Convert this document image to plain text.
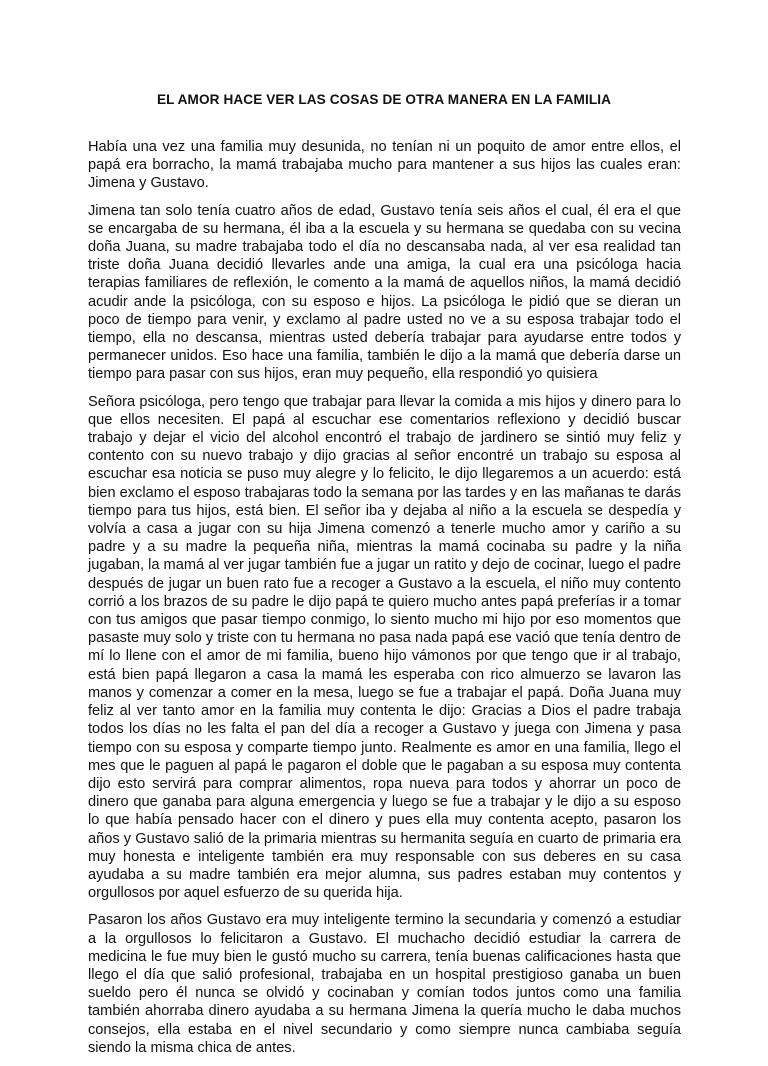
EL AMOR HACE VER LAS COSAS DE OTRA MANERA EN LA FAMILIA

Había una vez una familia muy desunida, no tenían ni un poquito de amor entre ellos, el papá era borracho, la mamá trabajaba mucho para mantener a sus hijos las cuales eran: Jimena y Gustavo.

Jimena tan solo tenía cuatro años de edad, Gustavo tenía seis años el cual, él era el que se encargaba de su hermana, él iba a la escuela y su hermana se quedaba con su vecina doña Juana, su madre trabajaba todo el día no descansaba nada, al ver esa realidad tan triste doña Juana decidió llevarles ande una amiga, la cual era una psicóloga hacia terapias familiares de reflexión, le comento a la mamá de aquellos niños, la mamá decidió acudir ande la psicóloga, con su esposo e hijos. La psicóloga le pidió que se dieran un poco de tiempo para venir, y exclamo al padre usted no ve a su esposa trabajar todo el tiempo, ella no descansa, mientras usted debería trabajar para ayudarse entre todos y permanecer unidos. Eso hace una familia, también le dijo a la mamá que debería darse un tiempo para pasar con sus hijos, eran muy pequeño, ella respondió yo quisiera

Señora psicóloga, pero tengo que trabajar para llevar la comida a mis hijos y dinero para lo que ellos necesiten. El papá al escuchar ese comentarios reflexiono y decidió buscar trabajo y dejar el vicio del alcohol encontró el trabajo de jardinero se sintió muy feliz y contento con su nuevo trabajo y dijo gracias al señor encontré un trabajo su esposa al escuchar esa noticia se puso muy alegre y lo felicito, le dijo llegaremos a un acuerdo: está bien exclamo el esposo trabajaras todo la semana por las tardes y en las mañanas te darás tiempo para tus hijos, está bien. El señor iba y dejaba al niño a la escuela se despedía y volvía a casa a jugar con su hija Jimena comenzó a tenerle mucho amor y cariño a su padre y a su madre la pequeña niña, mientras la mamá cocinaba su padre y la niña jugaban, la mamá al ver jugar también fue a jugar un ratito y dejo de cocinar, luego el padre después de jugar un buen rato fue a recoger a Gustavo a la escuela, el niño muy contento corrió a los brazos de su padre le dijo papá te quiero mucho antes papá preferías ir a tomar con tus amigos que pasar tiempo conmigo, lo siento mucho mi hijo por eso momentos que pasaste muy solo y triste con tu hermana no pasa nada papá ese vació que tenía dentro de mí lo llene con el amor de mi familia, bueno hijo vámonos por que tengo que ir al trabajo, está bien papá llegaron a casa la mamá les esperaba con rico almuerzo se lavaron las manos y comenzar a comer en la mesa, luego se fue a trabajar el papá. Doña Juana muy feliz al ver tanto amor en la familia muy contenta le dijo: Gracias a Dios el padre trabaja todos los días no les falta el pan del día a recoger a Gustavo y juega con Jimena y pasa tiempo con su esposa y comparte tiempo junto. Realmente es amor en una familia, llego el mes que le paguen al papá le pagaron el doble que le pagaban a su esposa muy contenta dijo esto servirá para comprar alimentos, ropa nueva para todos y ahorrar un poco de dinero que ganaba para alguna emergencia y luego se fue a trabajar y le dijo a su esposo lo que había pensado hacer con el dinero y pues ella muy contenta acepto, pasaron los años y Gustavo salió de la primaria mientras su hermanita seguía en cuarto de primaria era muy honesta e inteligente también era muy responsable con sus deberes en su casa ayudaba a su madre también era mejor alumna, sus padres estaban muy contentos y orgullosos por aquel esfuerzo de su querida hija.

Pasaron los años Gustavo era muy inteligente termino la secundaria y comenzó a estudiar a la orgullosos lo felicitaron a Gustavo. El muchacho decidió estudiar la carrera de medicina le fue muy bien le gustó mucho su carrera, tenía buenas calificaciones hasta que llego el día que salió profesional, trabajaba en un hospital prestigioso ganaba un buen sueldo pero él nunca se olvidó y cocinaban y comían todos juntos como una familia también ahorraba dinero ayudaba a su hermana Jimena la quería mucho le daba muchos consejos, ella estaba en el nivel secundario y como siempre nunca cambiaba seguía siendo la misma chica de antes.
